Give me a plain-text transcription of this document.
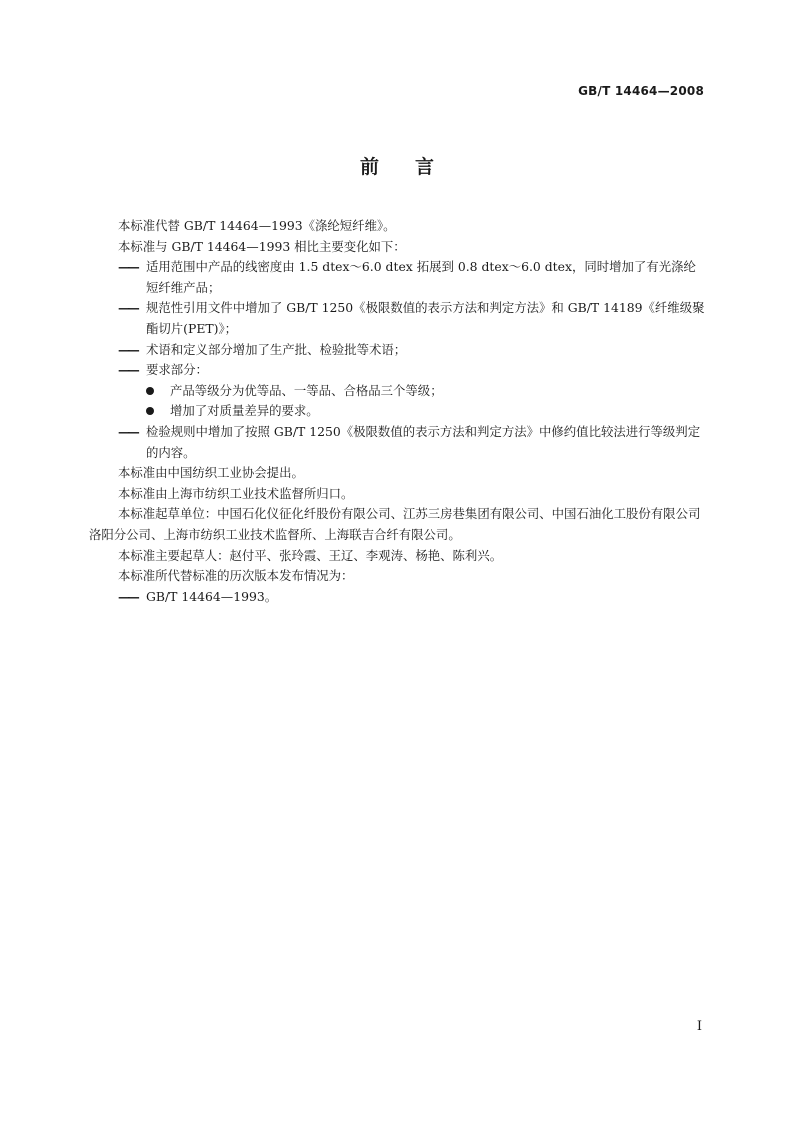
GB/T 14464—2008
前言

本标准代替 GB/T 14464—1993《涤纶短纤维》。

本标准与 GB/T 14464—1993 相比主要变化如下：

—— 适用范围中产品的线密度由 1.5 dtex～6.0 dtex 拓展到 0.8 dtex～6.0 dtex，同时增加了有光涤纶短纤维产品；
—— 规范性引用文件中增加了 GB/T 1250《极限数值的表示方法和判定方法》和 GB/T 14189《纤维级聚酯切片(PET)》；
—— 术语和定义部分增加了生产批、检验批等术语；
—— 要求部分：
产品等级分为优等品、一等品、合格品三个等级；
增加了对质量差异的要求。
—— 检验规则中增加了按照 GB/T 1250《极限数值的表示方法和判定方法》中修约值比较法进行等级判定的内容。

本标准由中国纺织工业协会提出。

本标准由上海市纺织工业技术监督所归口。

本标准起草单位：中国石化仪征化纤股份有限公司、江苏三房巷集团有限公司、中国石油化工股份有限公司洛阳分公司、上海市纺织工业技术监督所、上海联吉合纤有限公司。

本标准主要起草人：赵付平、张玲霞、王辽、李观涛、杨艳、陈利兴。

本标准所代替标准的历次版本发布情况为：

—— GB/T 14464—1993。
I
